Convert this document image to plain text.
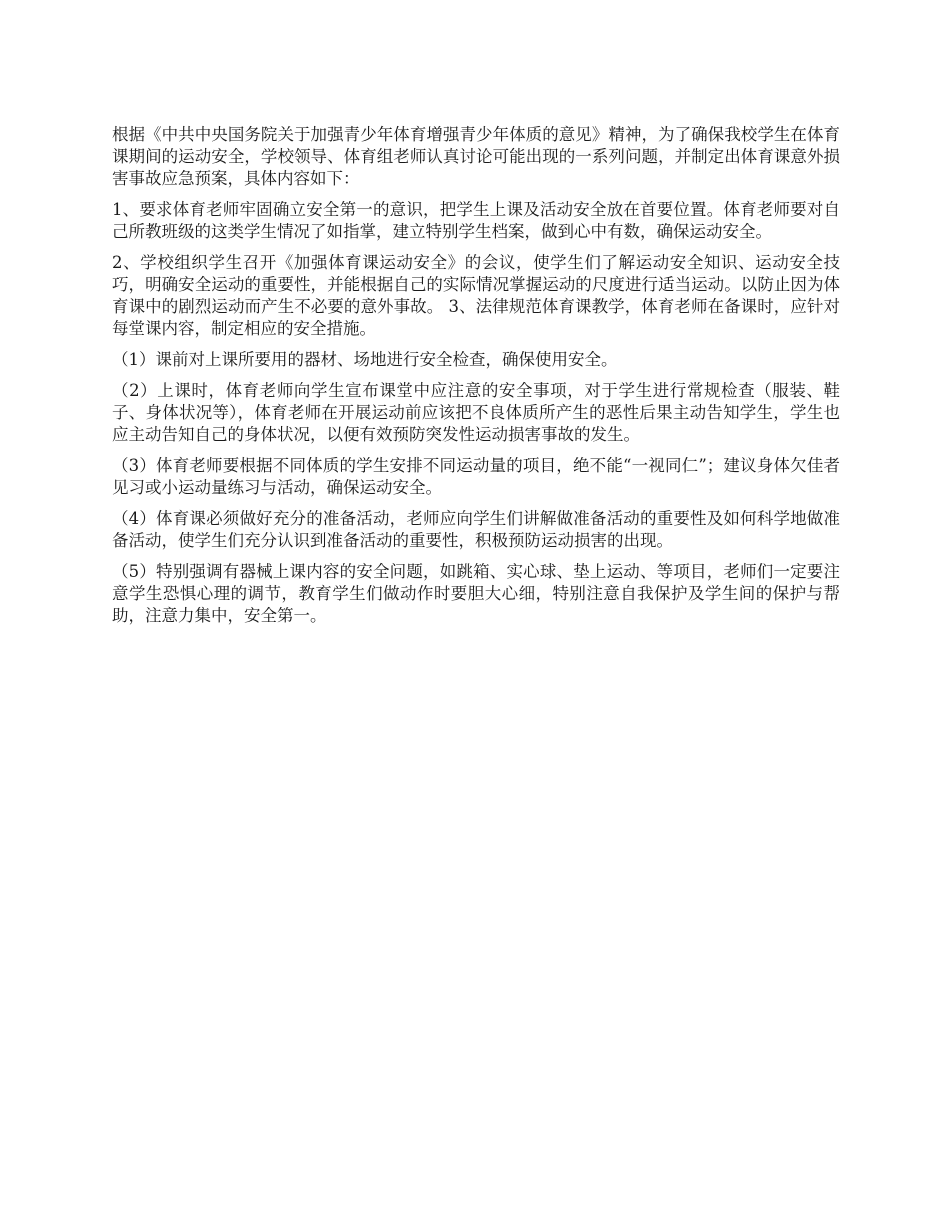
根据《中共中央国务院关于加强青少年体育增强青少年体质的意见》精神，为了确保我校学生在体育课期间的运动安全，学校领导、体育组老师认真讨论可能出现的一系列问题，并制定出体育课意外损害事故应急预案，具体内容如下：

1、要求体育老师牢固确立安全第一的意识，把学生上课及活动安全放在首要位置。体育老师要对自己所教班级的这类学生情况了如指掌，建立特别学生档案，做到心中有数，确保运动安全。

2、学校组织学生召开《加强体育课运动安全》的会议，使学生们了解运动安全知识、运动安全技巧，明确安全运动的重要性，并能根据自己的实际情况掌握运动的尺度进行适当运动。以防止因为体育课中的剧烈运动而产生不必要的意外事故。 3、法律规范体育课教学，体育老师在备课时，应针对每堂课内容，制定相应的安全措施。

（1）课前对上课所要用的器材、场地进行安全检查，确保使用安全。

（2）上课时，体育老师向学生宣布课堂中应注意的安全事项，对于学生进行常规检查（服装、鞋子、身体状况等），体育老师在开展运动前应该把不良体质所产生的恶性后果主动告知学生，学生也应主动告知自己的身体状况，以便有效预防突发性运动损害事故的发生。

（3）体育老师要根据不同体质的学生安排不同运动量的项目，绝不能“一视同仁”；建议身体欠佳者见习或小运动量练习与活动，确保运动安全。

（4）体育课必须做好充分的准备活动，老师应向学生们讲解做准备活动的重要性及如何科学地做准备活动，使学生们充分认识到准备活动的重要性，积极预防运动损害的出现。

（5）特别强调有器械上课内容的安全问题，如跳箱、实心球、垫上运动、等项目，老师们一定要注意学生恐惧心理的调节，教育学生们做动作时要胆大心细，特别注意自我保护及学生间的保护与帮助，注意力集中，安全第一。
